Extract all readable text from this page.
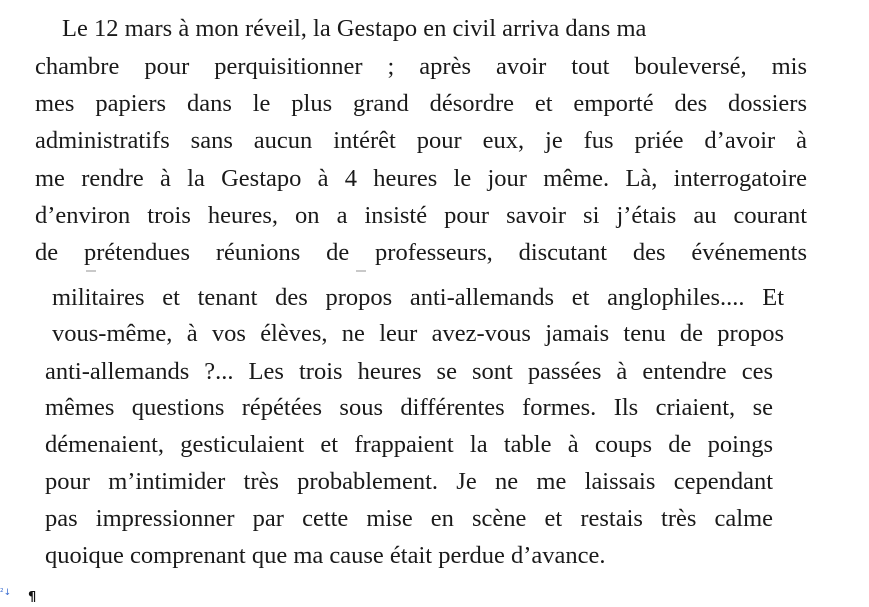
Le 12 mars à mon réveil, la Gestapo en civil arriva dans ma

chambre pour perquisitionner ; après avoir tout bouleversé, mis

mes papiers dans le plus grand désordre et emporté des dossiers

administratifs sans aucun intérêt pour eux, je fus priée d’avoir à

me rendre à la Gestapo à 4 heures le jour même. Là, interrogatoire

d’environ trois heures, on a insisté pour savoir si j’étais au courant

de prétendues réunions de professeurs, discutant des événements

militaires et tenant des propos anti-allemands et anglophiles.... Et

vous-même, à vos élèves, ne leur avez-vous jamais tenu de propos

anti-allemands ?... Les trois heures se sont passées à entendre ces

mêmes questions répétées sous différentes formes. Ils criaient, se

démenaient, gesticulaient et frappaient la table à coups de poings

pour m’intimider très probablement. Je ne me laissais cependant

pas impressionner par cette mise en scène et restais très calme

quoique comprenant que ma cause était perdue d’avance.

²↓ ¶
